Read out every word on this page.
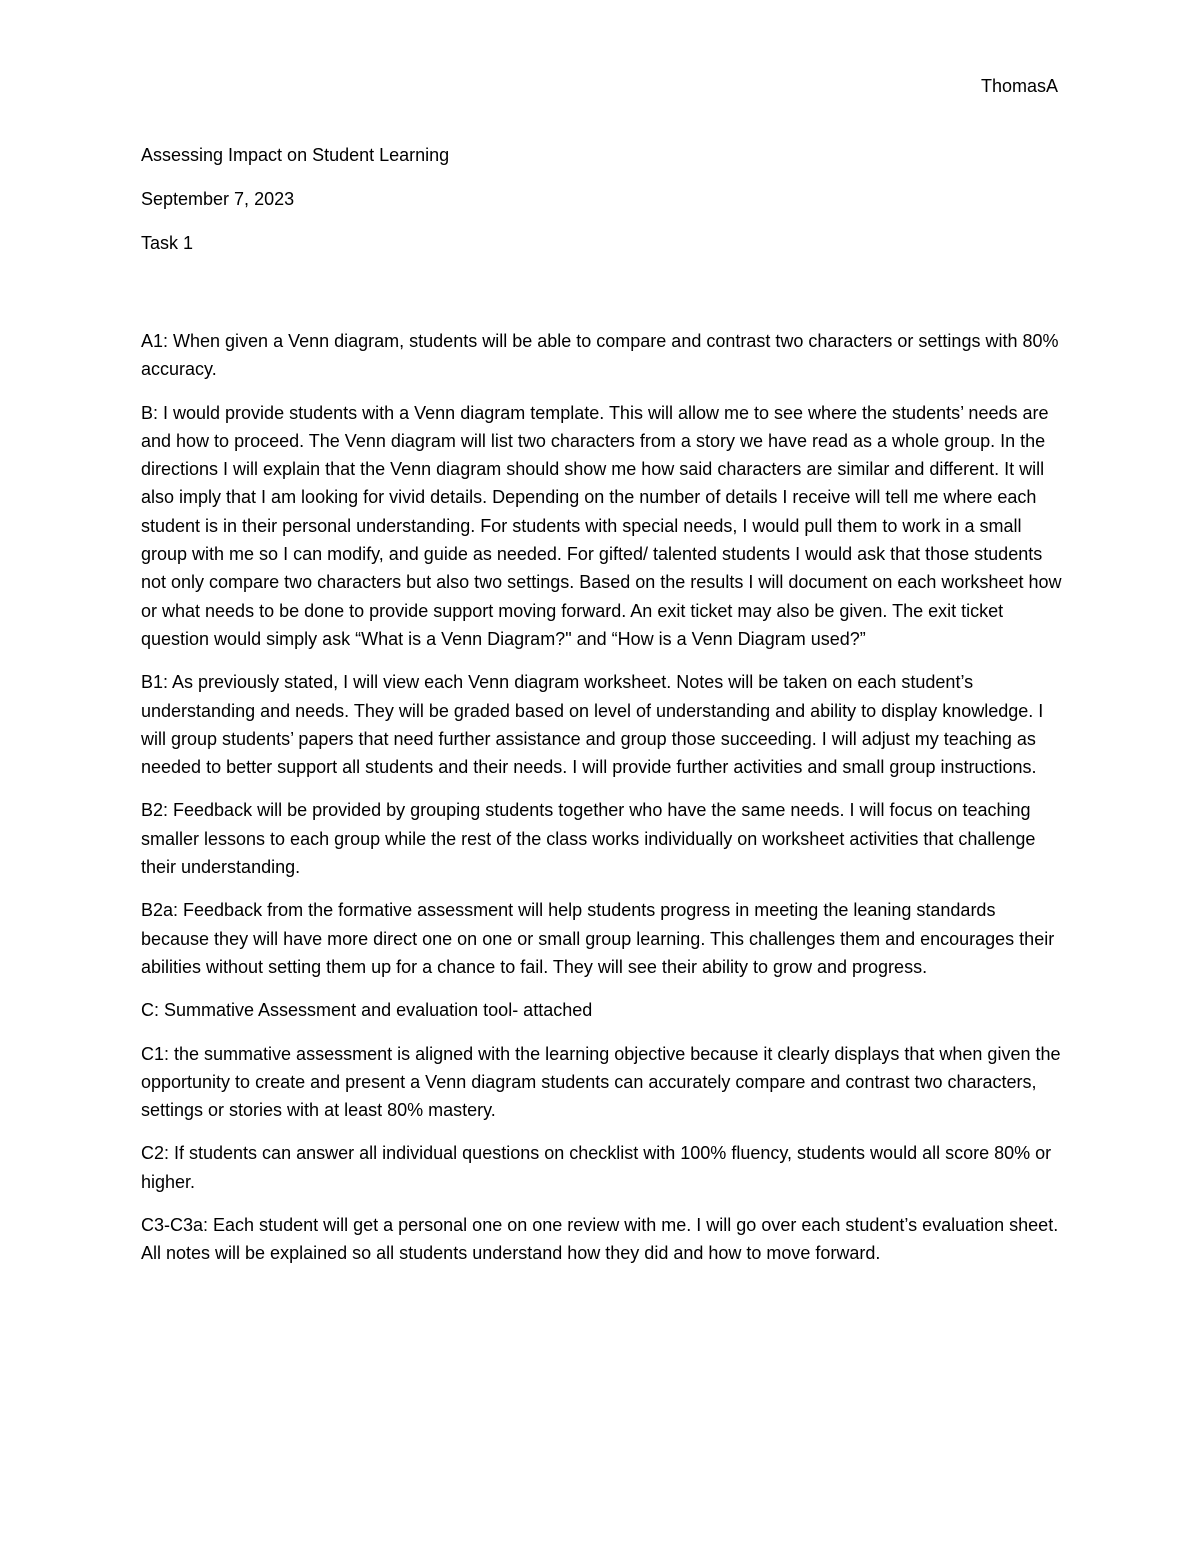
ThomasA

Assessing Impact on Student Learning

September 7, 2023

Task 1

A1: When given a Venn diagram, students will be able to compare and contrast two characters or settings with 80% accuracy.

B: I would provide students with a Venn diagram template. This will allow me to see where the students’ needs are and how to proceed. The Venn diagram will list two characters from a story we have read as a whole group. In the directions I will explain that the Venn diagram should show me how said characters are similar and different. It will also imply that I am looking for vivid details. Depending on the number of details I receive will tell me where each student is in their personal understanding. For students with special needs, I would pull them to work in a small group with me so I can modify, and guide as needed. For gifted/ talented students I would ask that those students not only compare two characters but also two settings. Based on the results I will document on each worksheet how or what needs to be done to provide support moving forward. An exit ticket may also be given. The exit ticket question would simply ask “What is a Venn Diagram?" and “How is a Venn Diagram used?”

B1: As previously stated, I will view each Venn diagram worksheet. Notes will be taken on each student’s understanding and needs. They will be graded based on level of understanding and ability to display knowledge. I will group students’ papers that need further assistance and group those succeeding. I will adjust my teaching as needed to better support all students and their needs. I will provide further activities and small group instructions.

B2: Feedback will be provided by grouping students together who have the same needs. I will focus on teaching smaller lessons to each group while the rest of the class works individually on worksheet activities that challenge their understanding.

B2a: Feedback from the formative assessment will help students progress in meeting the leaning standards because they will have more direct one on one or small group learning. This challenges them and encourages their abilities without setting them up for a chance to fail. They will see their ability to grow and progress.

C: Summative Assessment and evaluation tool- attached

C1: the summative assessment is aligned with the learning objective because it clearly displays that when given the opportunity to create and present a Venn diagram students can accurately compare and contrast two characters, settings or stories with at least 80% mastery.

C2: If students can answer all individual questions on checklist with 100% fluency, students would all score 80% or higher.

C3-C3a: Each student will get a personal one on one review with me. I will go over each student’s evaluation sheet. All notes will be explained so all students understand how they did and how to move forward.
